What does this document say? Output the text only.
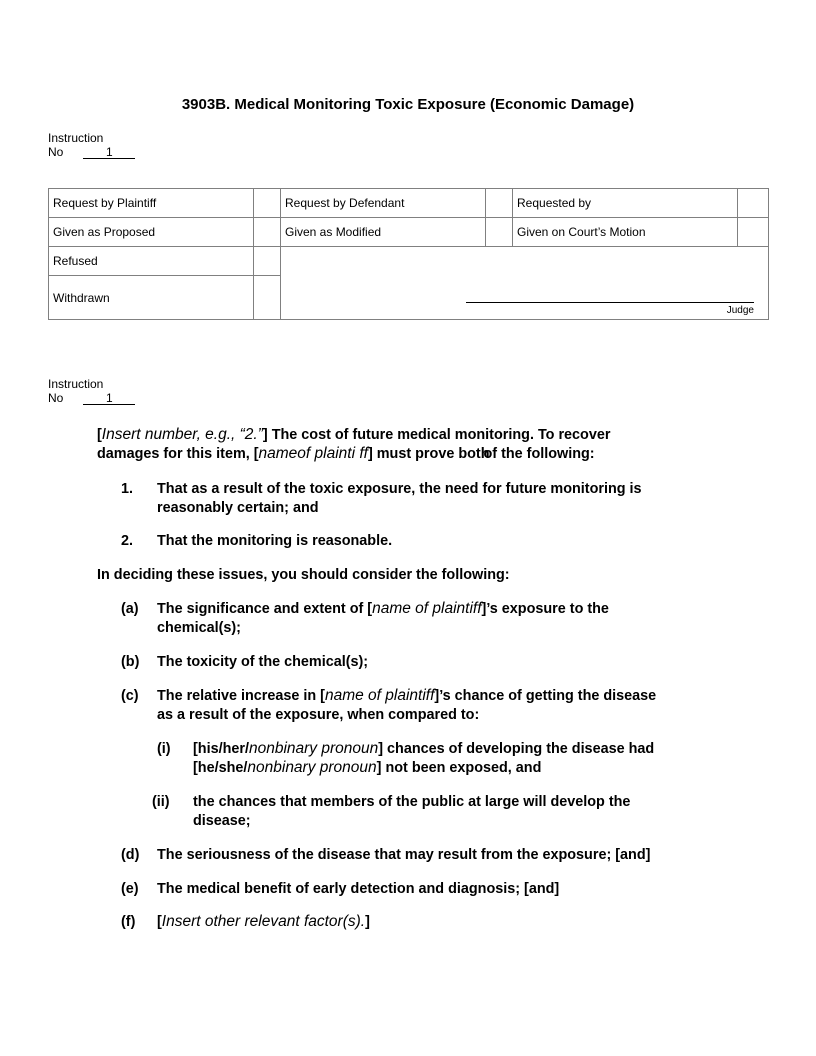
3903B. Medical Monitoring Toxic Exposure (Economic Damage)
Instruction
No	1
Request by Plaintiff		Request by Defendant		Requested by	
Given as Proposed		Given as Modified		Given on Court’s Motion	
Refused		Judge			

Withdrawn					
Instruction
No	1
[Insert number, e.g., “2.”] The cost of future medical monitoring. To recover
damages for this item, [nameof plainti ff] must prove bothof the following:
1. That as a result of the toxic exposure, the need for future monitoring is
reasonably certain; and
2. That the monitoring is reasonable.
In deciding these issues, you should consider the following:
(a) The significance and extent of [name of plaintiff]’s exposure to the
chemical(s);
(b) The toxicity of the chemical(s);
(c) The relative increase in [name of plaintiff]’s chance of getting the disease
as a result of the exposure, when compared to:
(i) [his/her/nonbinary pronoun] chances of developing the disease had
[he/she/nonbinary pronoun] not been exposed, and
(ii) the chances that members of the public at large will develop the
disease;
(d) The seriousness of the disease that may result from the exposure; [and]
(e) The medical benefit of early detection and diagnosis; [and]
(f) [Insert other relevant factor(s).]
